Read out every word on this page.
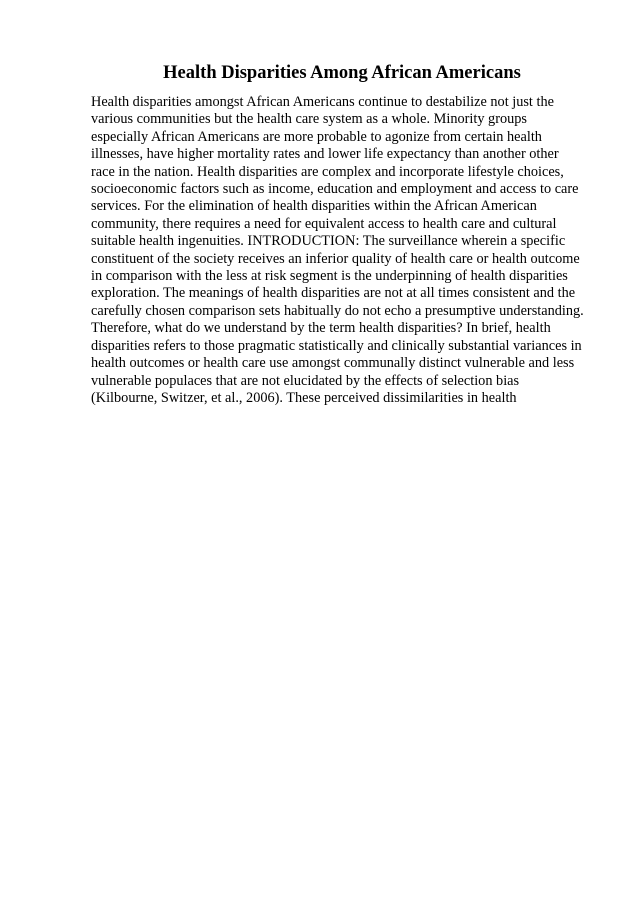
Health Disparities Among African Americans

Health disparities amongst African Americans continue to destabilize not just the
various communities but the health care system as a whole. Minority groups
especially African Americans are more probable to agonize from certain health
illnesses, have higher mortality rates and lower life expectancy than another other
race in the nation. Health disparities are complex and incorporate lifestyle choices,
socioeconomic factors such as income, education and employment and access to care
services. For the elimination of health disparities within the African American
community, there requires a need for equivalent access to health care and cultural
suitable health ingenuities. INTRODUCTION: The surveillance wherein a specific
constituent of the society receives an inferior quality of health care or health outcome
in comparison with the less at risk segment is the underpinning of health disparities
exploration. The meanings of health disparities are not at all times consistent and the
carefully chosen comparison sets habitually do not echo a presumptive understanding.
Therefore, what do we understand by the term health disparities? In brief, health
disparities refers to those pragmatic statistically and clinically substantial variances in
health outcomes or health care use amongst communally distinct vulnerable and less
vulnerable populaces that are not elucidated by the effects of selection bias
(Kilbourne, Switzer, et al., 2006). These perceived dissimilarities in health
